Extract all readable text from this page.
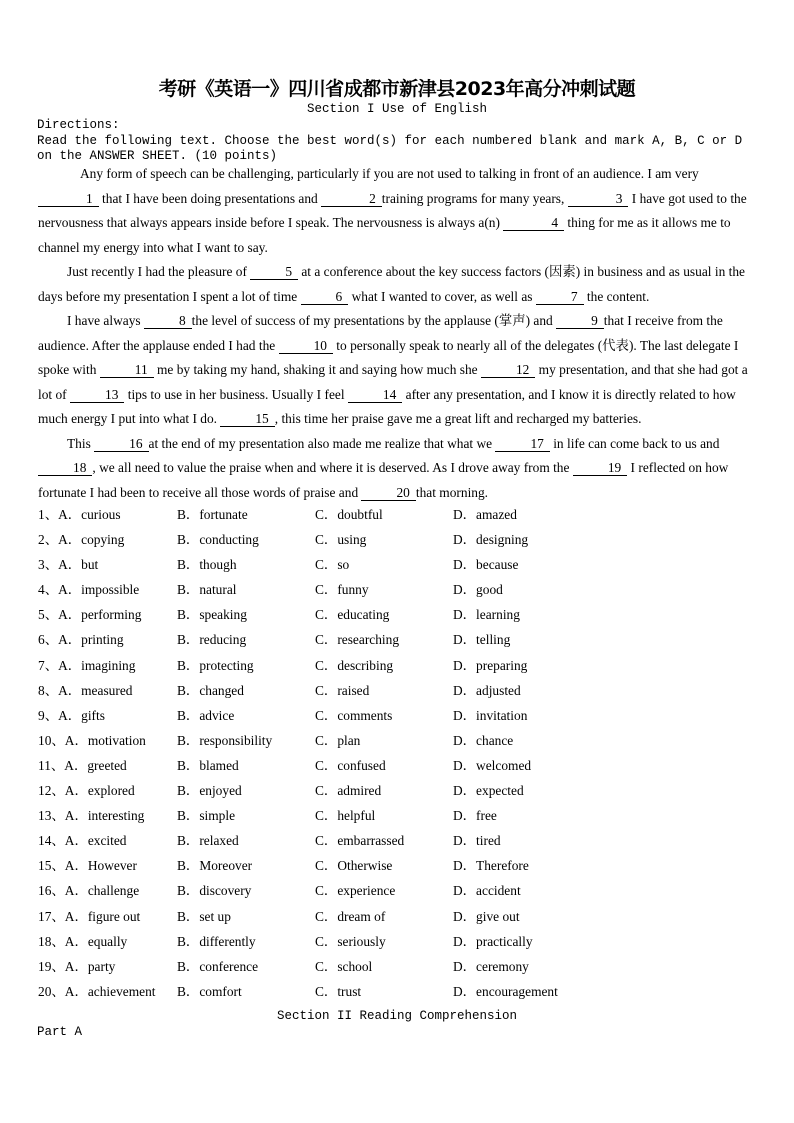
考研《英语一》四川省成都市新津县2023年高分冲刺试题
Section I Use of English
Directions:
Read the following text. Choose the best word(s) for each numbered blank and mark A, B, C or D on the ANSWER SHEET. (10 points)

Any form of speech can be challenging, particularly if you are not used to talking in front of an audience. I am very 1 that I have been doing presentations and	2 training programs for many years,	3 I have got used to the nervousness that always appears inside before I speak. The nervousness is always a(n)	4 thing for me as it allows me to channel my energy into what I want to say.

Just recently I had the pleasure of	5 at a conference about the key success factors (因素) in business and as usual in the days before my presentation I spent a lot of time	6 what I wanted to cover, as well as	7 the content.

I have always	8 the level of success of my presentations by the applause (掌声) and	9 that I receive from the audience. After the applause ended I had the	10 to personally speak to nearly all of the delegates (代表). The last delegate I spoke with	11 me by taking my hand, shaking it and saying how much she	12 my presentation, and that she had got a lot of	13 tips to use in her business. Usually I feel	14 after any presentation, and I know it is directly related to how much energy I put into what I do.	15 , this time her praise gave me a great lift and recharged my batteries.

This	16 at the end of my presentation also made me realize that what we	17 in life can come back to us and 18 , we all need to value the praise when and where it is deserved. As I drove away from the	19 I reflected on how fortunate I had been to receive all those words of praise and	20 that morning.

1、A．curious	B．fortunate	C．doubtful	D．amazed
2、A．copying	B．conducting	C．using	D．designing
3、A．but	B．though	C．so	D．because
4、A．impossible	B．natural	C．funny	D．good
5、A．performing	B．speaking	C．educating	D．learning
6、A．printing	B．reducing	C．researching	D．telling
7、A．imagining	B．protecting	C．describing	D．preparing
8、A．measured	B．changed	C．raised	D．adjusted
9、A．gifts	B．advice	C．comments	D．invitation
10、A．motivation B．responsibility	C．plan	D．chance
11、A．greeted	B．blamed	C．confused	D．welcomed
12、A．explored	B．enjoyed	C．admired	D．expected
13、A．interesting B．simple	C．helpful	D．free
14、A．excited	B．relaxed	C．embarrassed	D．tired
15、A．However	B．Moreover	C．Otherwise	D．Therefore
16、A．challenge	B．discovery	C．experience	D．accident
17、A．figure out	B．set up	C．dream of	D．give out
18、A．equally	B．differently	C．seriously	D．practically
19、A．party	B．conference	C．school	D．ceremony
20、A．achievement B．comfort	C．trust	D．encouragement
Section II Reading Comprehension
Part A
